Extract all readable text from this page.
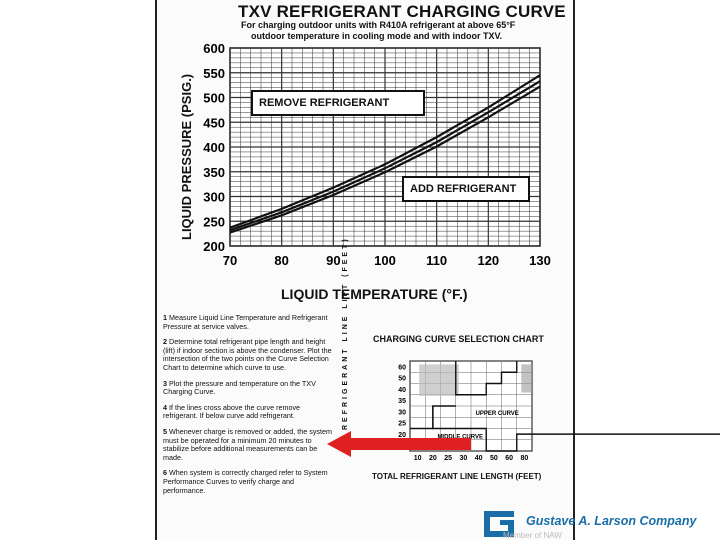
TXV REFRIGERANT CHARGING CURVE
For charging outdoor units with R410A refrigerant at above 65°F
outdoor temperature in cooling mode and with indoor TXV.
70	80	90	100 110 120 130
600
550
500
450
400
350
300
250
200
LIQUID PRESSURE (PSIG.)
LIQUID TEMPERATURE (°F.)
REMOVE REFRIGERANT
ADD REFRIGERANT
1 Measure Liquid Line Temperature and Refrigerant Pressure at service valves.
2 Determine total refrigerant pipe length and height (lift) if indoor section is above the condenser. Plot the intersection of the two points on the Curve Selection Chart to determine which curve to use.
3 Plot the pressure and temperature on the TXV Charging Curve.
4 If the lines cross above the curve remove refrigerant. If below curve add refrigerant.
5 Whenever charge is removed or added, the system must be operated for a minimum 20 minutes to stabilize before additional measurements can be made.
6 When system is correctly charged refer to System Performance Curves to verify charge and performance.
CHARGING CURVE SELECTION CHART
REFRIGERANT LINE LIFT (FEET)	60
50
40
35
30
25
20
10 20 25 30 40 50 60 80
UPPER CURVE
MIDDLE CURVE
TOTAL REFRIGERANT LINE LENGTH (FEET)
Gustave A. Larson Company
Member of NAW
